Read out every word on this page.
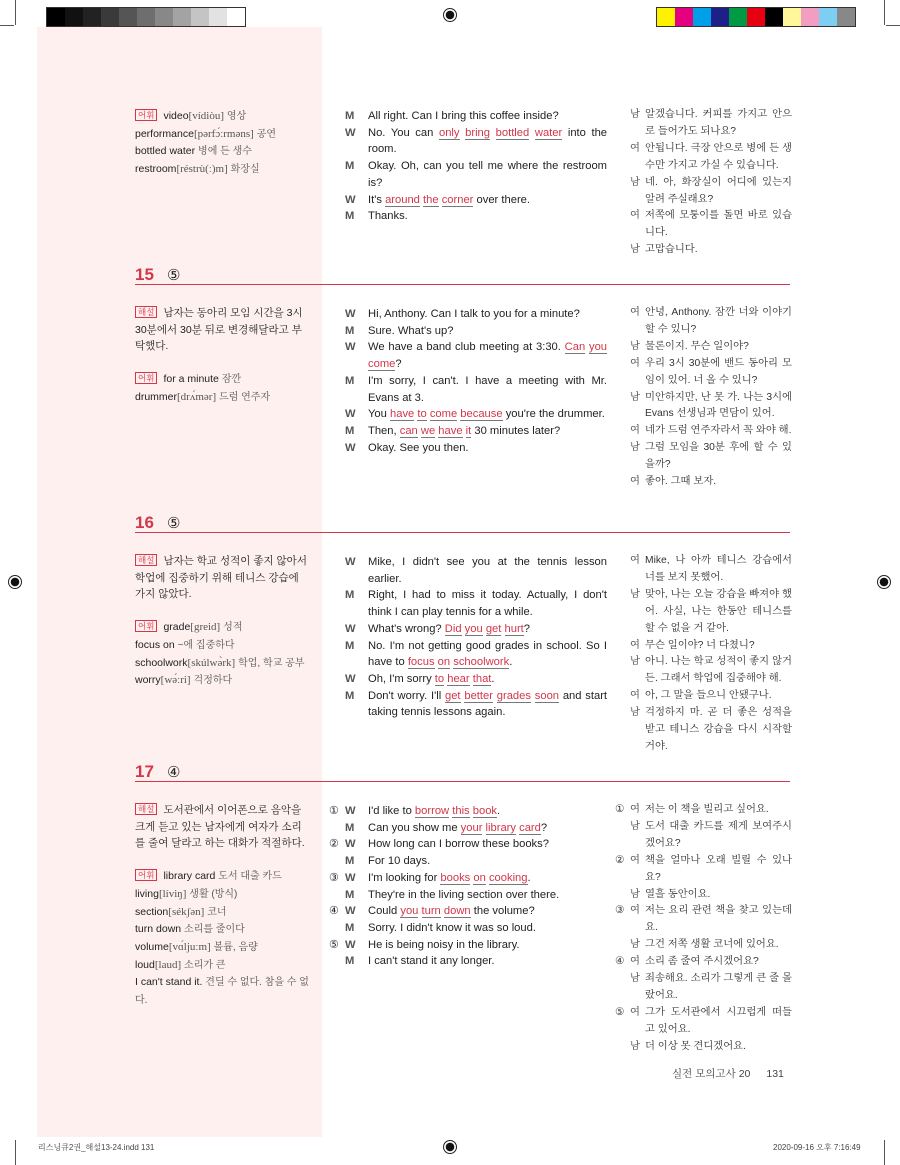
어휘 video[vídiòu] 영상
performance[pərfɔ́ːrməns] 공연
bottled water 병에 든 생수
restroom[réstrù(ː)m] 화장실
M All right. Can I bring this coffee inside?
W No. You can only bring bottled water into the room.
M Okay. Oh, can you tell me where the restroom is?
W It's around the corner over there.
M Thanks.
남 알겠습니다. 커피를 가지고 안으로 들어가도 되나요?
여 안됩니다. 극장 안으로 병에 든 생수만 가지고 가실 수 있습니다.
남 네. 아, 화장실이 어디에 있는지 알려 주실래요?
여 저쪽에 모퉁이를 돌면 바로 있습니다.
남 고맙습니다.
15 ⑤
해설 남자는 동아리 모임 시간을 3시 30분에서 30분 뒤로 변경해달라고 부탁했다.
어휘 for a minute 잠깐
drummer[drʌ́mər] 드럼 연주자
W Hi, Anthony. Can I talk to you for a minute?
M Sure. What's up?
W We have a band club meeting at 3:30. Can you come?
M I'm sorry, I can't. I have a meeting with Mr. Evans at 3.
W You have to come because you're the drummer.
M Then, can we have it 30 minutes later?
W Okay. See you then.
여 안녕, Anthony. 잠깐 너와 이야기할 수 있니?
남 물론이지. 무슨 일이야?
여 우리 3시 30분에 밴드 동아리 모임이 있어. 너 올 수 있니?
남 미안하지만, 난 못 가. 나는 3시에 Evans 선생님과 면담이 있어.
여 네가 드럼 연주자라서 꼭 와야 해.
남 그럼 모임을 30분 후에 할 수 있을까?
여 좋아. 그때 보자.
16 ⑤
해설 남자는 학교 성적이 좋지 않아서 학업에 집중하기 위해 테니스 강습에 가지 않았다.
어휘 grade[greid] 성적
focus on ~에 집중하다
schoolwork[skúlwə̀rk] 학업, 학교 공부
worry[wə́ːri] 걱정하다
W Mike, I didn't see you at the tennis lesson earlier.
M Right, I had to miss it today. Actually, I don't think I can play tennis for a while.
W What's wrong? Did you get hurt?
M No. I'm not getting good grades in school. So I have to focus on schoolwork.
W Oh, I'm sorry to hear that.
M Don't worry. I'll get better grades soon and start taking tennis lessons again.
여 Mike, 나 아까 테니스 강습에서 너를 보지 못했어.
남 맞아, 나는 오늘 강습을 빠져야 했어. 사실, 나는 한동안 테니스를 할 수 없을 거 같아.
여 무슨 일이야? 너 다쳤니?
남 아니. 나는 학교 성적이 좋지 않거든. 그래서 학업에 집중해야 해.
여 아, 그 말을 들으니 안됐구나.
남 걱정하지 마. 곧 더 좋은 성적을 받고 테니스 강습을 다시 시작할 거야.
17 ④
해설 도서관에서 이어폰으로 음악을 크게 듣고 있는 남자에게 여자가 소리를 줄여 달라고 하는 대화가 적절하다.
어휘 library card 도서 대출 카드
living[líviŋ] 생활 (방식)
section[sékʃən] 코너
turn down 소리를 줄이다
volume[vɑ́ljuːm] 볼륨, 음량
loud[laud] 소리가 큰
I can't stand it. 견딜 수 없다. 참을 수 없다.
① W I'd like to borrow this book.
M Can you show me your library card?
② W How long can I borrow these books?
M For 10 days.
③ W I'm looking for books on cooking.
M They're in the living section over there.
④ W Could you turn down the volume?
M Sorry. I didn't know it was so loud.
⑤ W He is being noisy in the library.
M I can't stand it any longer.
① 여 저는 이 책을 빌리고 싶어요.
남 도서 대출 카드를 제게 보여주시겠어요?
② 여 책을 얼마나 오래 빌릴 수 있나요?
남 열흘 동안이요.
③ 여 저는 요리 관련 책을 찾고 있는데요.
남 그건 저쪽 생활 코너에 있어요.
④ 여 소리 좀 줄여 주시겠어요?
남 죄송해요. 소리가 그렇게 큰 줄 몰랐어요.
⑤ 여 그가 도서관에서 시끄럽게 떠들고 있어요.
남 더 이상 못 견디겠어요.
실전 모의고사 20 131
리스닝큐2권_해설13-24.indd 131	2020-09-16 오후 7:16:49
